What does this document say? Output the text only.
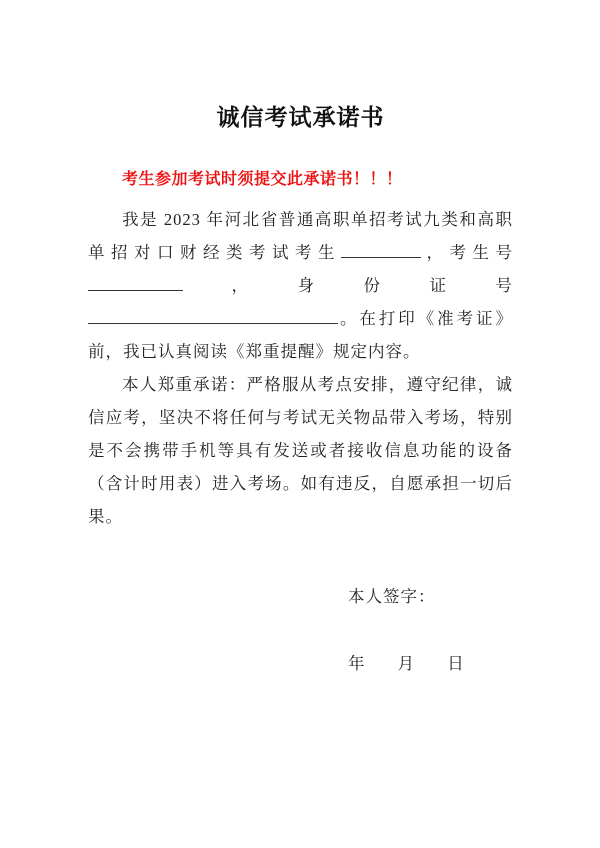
诚信考试承诺书
考生参加考试时须提交此承诺书！！！

我是 2023 年河北省普通高职单招考试九类和高职单招对口财经类考试考生	，考生号，身份证号。在打印《准考证》前，我已认真阅读《郑重提醒》规定内容。

本人郑重承诺：严格服从考点安排，遵守纪律，诚信应考，坚决不将任何与考试无关物品带入考场，特别是不会携带手机等具有发送或者接收信息功能的设备（含计时用表）进入考场。如有违反，自愿承担一切后果。

本人签字：
年 月 日
